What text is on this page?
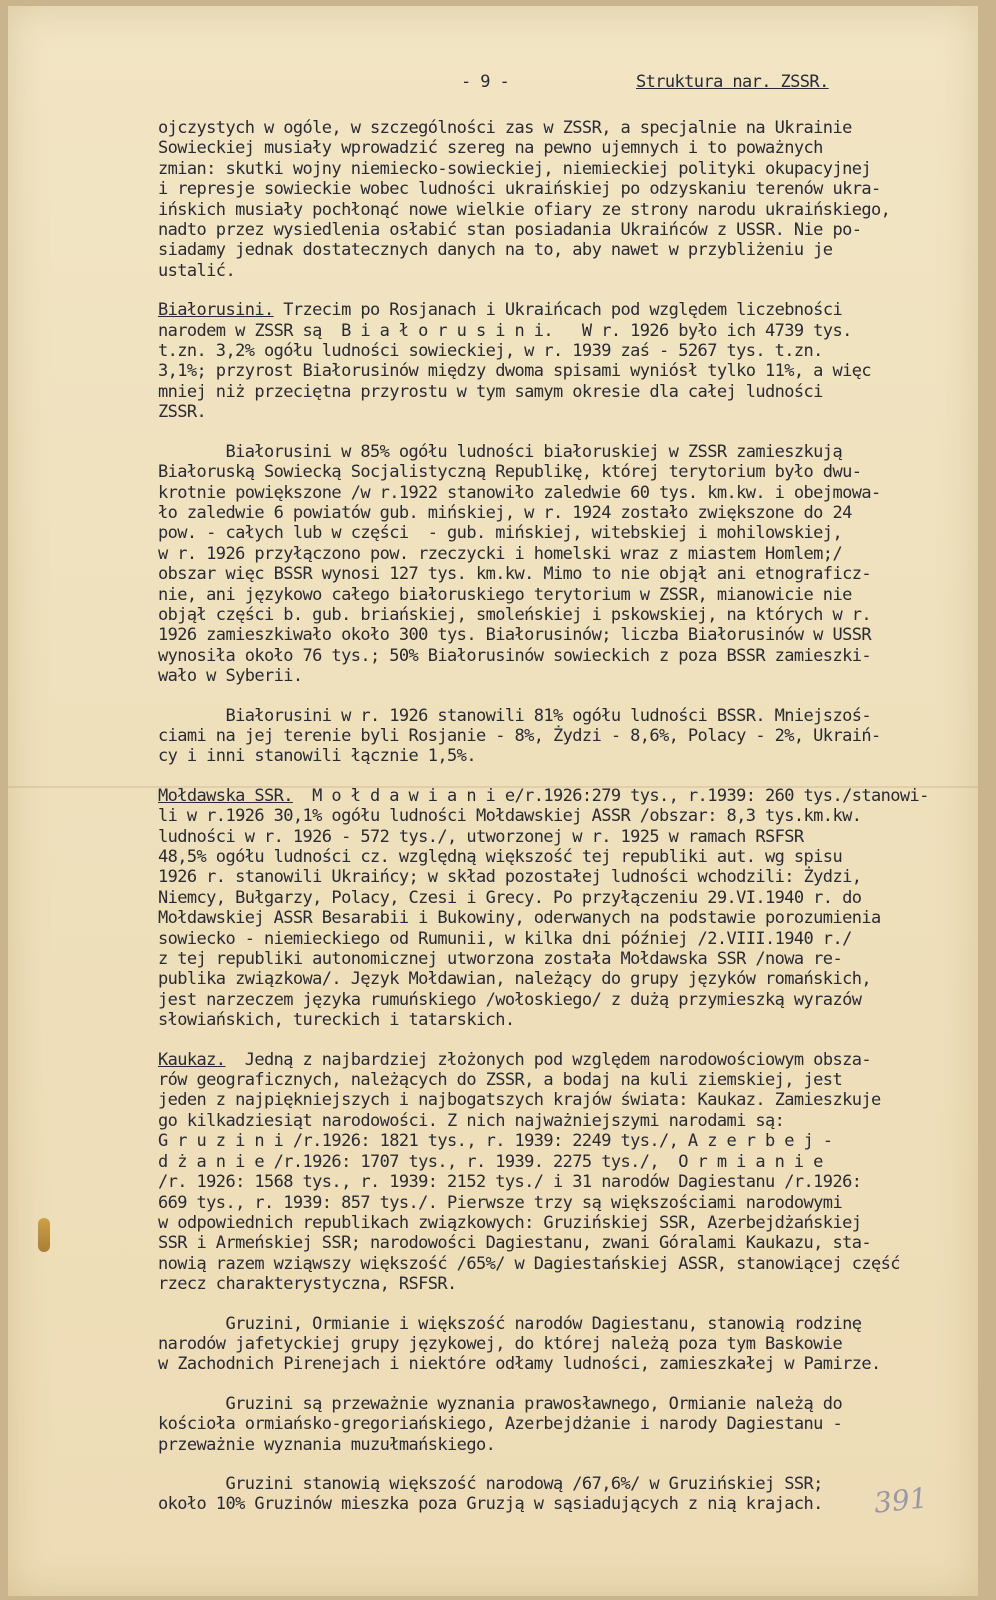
- 9 -	Struktura nar. ZSSR.
ojczystych w ogóle, w szczególności zas w ZSSR, a specjalnie na Ukrainie
Sowieckiej musiały wprowadzić szereg na pewno ujemnych i to poważnych
zmian: skutki wojny niemiecko-sowieckiej, niemieckiej polityki okupacyjnej
i represje sowieckie wobec ludności ukraińskiej po odzyskaniu terenów ukra-
ińskich musiały pochłonąć nowe wielkie ofiary ze strony narodu ukraińskiego,
nadto przez wysiedlenia osłabić stan posiadania Ukraińców z USSR. Nie po-
siadamy jednak dostatecznych danych na to, aby nawet w przybliżeniu je
ustalić.
Białorusini. Trzecim po Rosjanach i Ukraińcach pod względem liczebności
narodem w ZSSR są  B i a ł o r u s i n i.   W r. 1926 było ich 4739 tys.
t.zn. 3,2% ogółu ludności sowieckiej, w r. 1939 zaś - 5267 tys. t.zn.
3,1%; przyrost Białorusinów między dwoma spisami wyniósł tylko 11%, a więc
mniej niż przeciętna przyrostu w tym samym okresie dla całej ludności
ZSSR.
Białorusini w 85% ogółu ludności białoruskiej w ZSSR zamieszkują
Białoruską Sowiecką Socjalistyczną Republikę, której terytorium było dwu-
krotnie powiększone /w r.1922 stanowiło zaledwie 60 tys. km.kw. i obejmowa-
ło zaledwie 6 powiatów gub. mińskiej, w r. 1924 zostało zwiększone do 24
pow. - całych lub w części  - gub. mińskiej, witebskiej i mohilowskiej,
w r. 1926 przyłączono pow. rzeczycki i homelski wraz z miastem Homlem;/
obszar więc BSSR wynosi 127 tys. km.kw. Mimo to nie objął ani etnograficz-
nie, ani językowo całego białoruskiego terytorium w ZSSR, mianowicie nie
objął części b. gub. briańskiej, smoleńskiej i pskowskiej, na których w r.
1926 zamieszkiwało około 300 tys. Białorusinów; liczba Białorusinów w USSR
wynosiła około 76 tys.; 50% Białorusinów sowieckich z poza BSSR zamieszki-
wało w Syberii.
Białorusini w r. 1926 stanowili 81% ogółu ludności BSSR. Mniejszoś-
ciami na jej terenie byli Rosjanie - 8%, Żydzi - 8,6%, Polacy - 2%, Ukraiń-
cy i inni stanowili łącznie 1,5%.
Mołdawska SSR.  M o ł d a w i a n i e/r.1926:279 tys., r.1939: 260 tys./stanowi-
li w r.1926 30,1% ogółu ludności Mołdawskiej ASSR /obszar: 8,3 tys.km.kw.
ludności w r. 1926 - 572 tys./, utworzonej w r. 1925 w ramach RSFSR
48,5% ogółu ludności cz. względną większość tej republiki aut. wg spisu
1926 r. stanowili Ukraińcy; w skład pozostałej ludności wchodzili: Żydzi,
Niemcy, Bułgarzy, Polacy, Czesi i Grecy. Po przyłączeniu 29.VI.1940 r. do
Mołdawskiej ASSR Besarabii i Bukowiny, oderwanych na podstawie porozumienia
sowiecko - niemieckiego od Rumunii, w kilka dni później /2.VIII.1940 r./
z tej republiki autonomicznej utworzona została Mołdawska SSR /nowa re-
publika związkowa/. Język Mołdawian, należący do grupy języków romańskich,
jest narzeczem języka rumuńskiego /wołoskiego/ z dużą przymieszką wyrazów
słowiańskich, tureckich i tatarskich.
Kaukaz.  Jedną z najbardziej złożonych pod względem narodowościowym obsza-
rów geograficznych, należących do ZSSR, a bodaj na kuli ziemskiej, jest
jeden z najpiękniejszych i najbogatszych krajów świata: Kaukaz. Zamieszkuje
go kilkadziesiąt narodowości. Z nich najważniejszymi narodami są:
G r u z i n i /r.1926: 1821 tys., r. 1939: 2249 tys./, A z e r b e j -
d ż a n i e /r.1926: 1707 tys., r. 1939. 2275 tys./,  O r m i a n i e
/r. 1926: 1568 tys., r. 1939: 2152 tys./ i 31 narodów Dagiestanu /r.1926:
669 tys., r. 1939: 857 tys./. Pierwsze trzy są większościami narodowymi
w odpowiednich republikach związkowych: Gruzińskiej SSR, Azerbejdżańskiej
SSR i Armeńskiej SSR; narodowości Dagiestanu, zwani Góralami Kaukazu, sta-
nowią razem wziąwszy większość /65%/ w Dagiestańskiej ASSR, stanowiącej część
rzecz charakterystyczna, RSFSR.
Gruzini, Ormianie i większość narodów Dagiestanu, stanowią rodzinę
narodów jafetyckiej grupy językowej, do której należą poza tym Baskowie
w Zachodnich Pirenejach i niektóre odłamy ludności, zamieszkałej w Pamirze.
Gruzini są przeważnie wyznania prawosławnego, Ormianie należą do
kościoła ormiańsko-gregoriańskiego, Azerbejdżanie i narody Dagiestanu -
przeważnie wyznania muzułmańskiego.
Gruzini stanowią większość narodową /67,6%/ w Gruzińskiej SSR;
około 10% Gruzinów mieszka poza Gruzją w sąsiadujących z nią krajach.	391
